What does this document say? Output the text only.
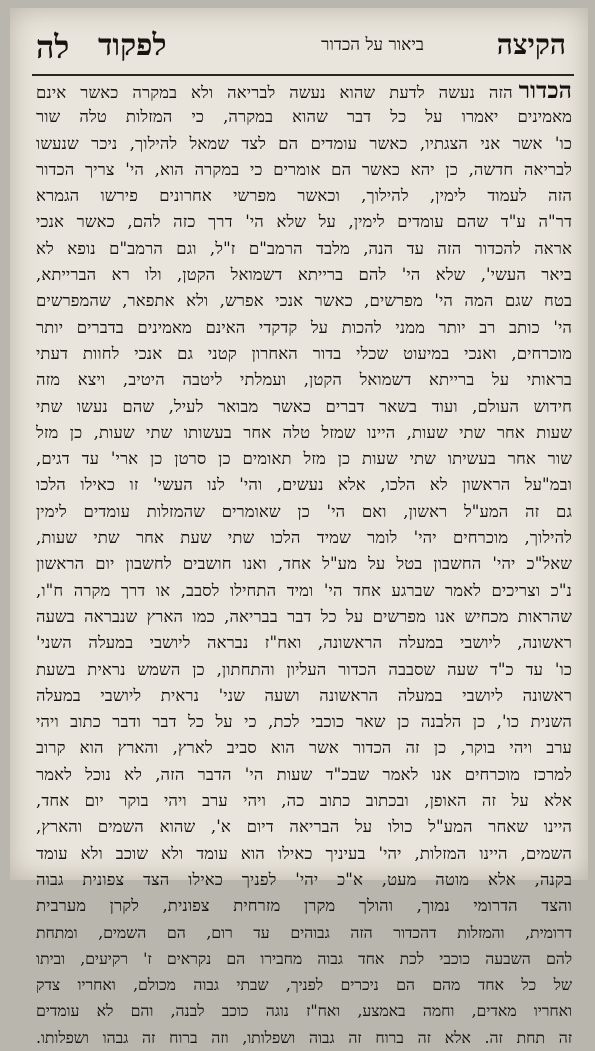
הקיצה
ביאור על הכדור
לפקוד
לה
הכדורהזה נעשה לדעת שהוא נעשה לבריאה ולא במקרה כאשר אינם
מאמינים יאמרו על כל דבר שהוא במקרה, כי המזלות טלה שור
כו' אשר אני הצגתיו, כאשר עומדים הם לצד שמאל להילוך, ניכר שנעשו
לבריאה חדשה, כן יהא כאשר הם אומרים כי במקרה הוא, הי' צריך הכדור
הזה לעמוד לימין, להילוך, וכאשר מפרשי אחרונים פירשו הגמרא
דר"ה ע"ד שהם עומדים לימין, על שלא הי' דרך כזה להם, כאשר אנכי
אראה להכדור הזה עד הנה, מלבד הרמב"ם ז"ל, וגם הרמב"ם נופא לא
ביאר העשי', שלא הי' להם ברייתא דשמואל הקטן, ולו רא הברייתא,
בטח שגם המה הי' מפרשים, כאשר אנכי אפרש, ולא אתפאר, שהמפרשים
הי' כותב רב יותר ממני להכות על קדקדי האינם מאמינים בדברים יותר
מוכרחים, ואנכי במיעוט שכלי בדור האחרון קטני גם אנכי לחוות דעתי
בראותי על ברייתא דשמואל הקטן, ועמלתי ליטבה היטיב, ויצא מזה
חידוש העולם, ועוד בשאר דברים כאשר מבואר לעיל, שהם נעשו שתי
שעות אחר שתי שעות, היינו שמזל טלה אחר בעשותו שתי שעות, כן מזל
שור אחר בעשיתו שתי שעות כן מזל תאומים כן סרטן כן ארי' עד דגים,
ובמ"על הראשון לא הלכו, אלא נעשים, והי' לנו העשי' זו כאילו הלכו
גם זה המע"ל ראשון, ואם הי' כן שאומרים שהמזלות עומדים לימין
להילוך, מוכרחים יהי' לומר שמיד הלכו שתי שעת אחר שתי שעות,
שאל"כ יהי' החשבון בטל על מע"ל אחד, ואנו חושבים לחשבון יום הראשון
נ"כ וצריכים לאמר שברגע אחד הי' ומיד התחילו לסבב, או דרך מקרה ח"ו,
שהראות מכחיש אנו מפרשים על כל דבר בבריאה, כמו הארץ שנבראה בשעה
ראשונה, ליושבי במעלה הראשונה, ואח"ז נבראה ליושבי במעלה השני'
כו' עד כ"ד שעה שסבבה הכדור העליון והתחתון, כן השמש נראית בשעת
ראשונה ליושבי במעלה הראשונה ושעה שני' נראית ליושבי במעלה
השנית כו', כן הלבנה כן שאר כוכבי לכת, כי על כל דבר ודבר כתוב ויהי
ערב ויהי בוקר, כן זה הכדור אשר הוא סביב לארץ, והארץ הוא קרוב
למרכז מוכרחים אנו לאמר שבכ"ד שעות הי' הדבר הזה, לא נוכל לאמר
אלא על זה האופן, ובכתוב כתוב כה, ויהי ערב ויהי בוקר יום אחד,
היינו שאחר המע"ל כולו על הבריאה דיום א', שהוא השמים והארץ,
השמים, היינו המזלות, יהי' בעיניך כאילו הוא עומד ולא שוכב ולא עומד
בקנה, אלא מוטה מעט, א"כ יהי' לפניך כאילו הצד צפונית גבוה
והצד הדרומי נמוך, והולך מקרן מזרחית צפונית, לקרן מערבית
דרומית, והמזלות דהכדור הזה גבוהים עד רום, הם השמים, ומתחת
להם השבעה כוכבי לכת אחד גבוה מחבירו הם נקראים ז' רקיעים, וביתו
של כל אחד מהם הם ניכרים לפניך, שבתי גבוה מכולם, ואחריו צדק
ואחריו מאדים, וחמה באמצע, ואח"ז נוגה כוכב לבנה, והם לא עומדים
זה תחת זה. אלא זה ברוח זה גבוה ושפלותו, וזה ברוח זה גבהו ושפלותו.
